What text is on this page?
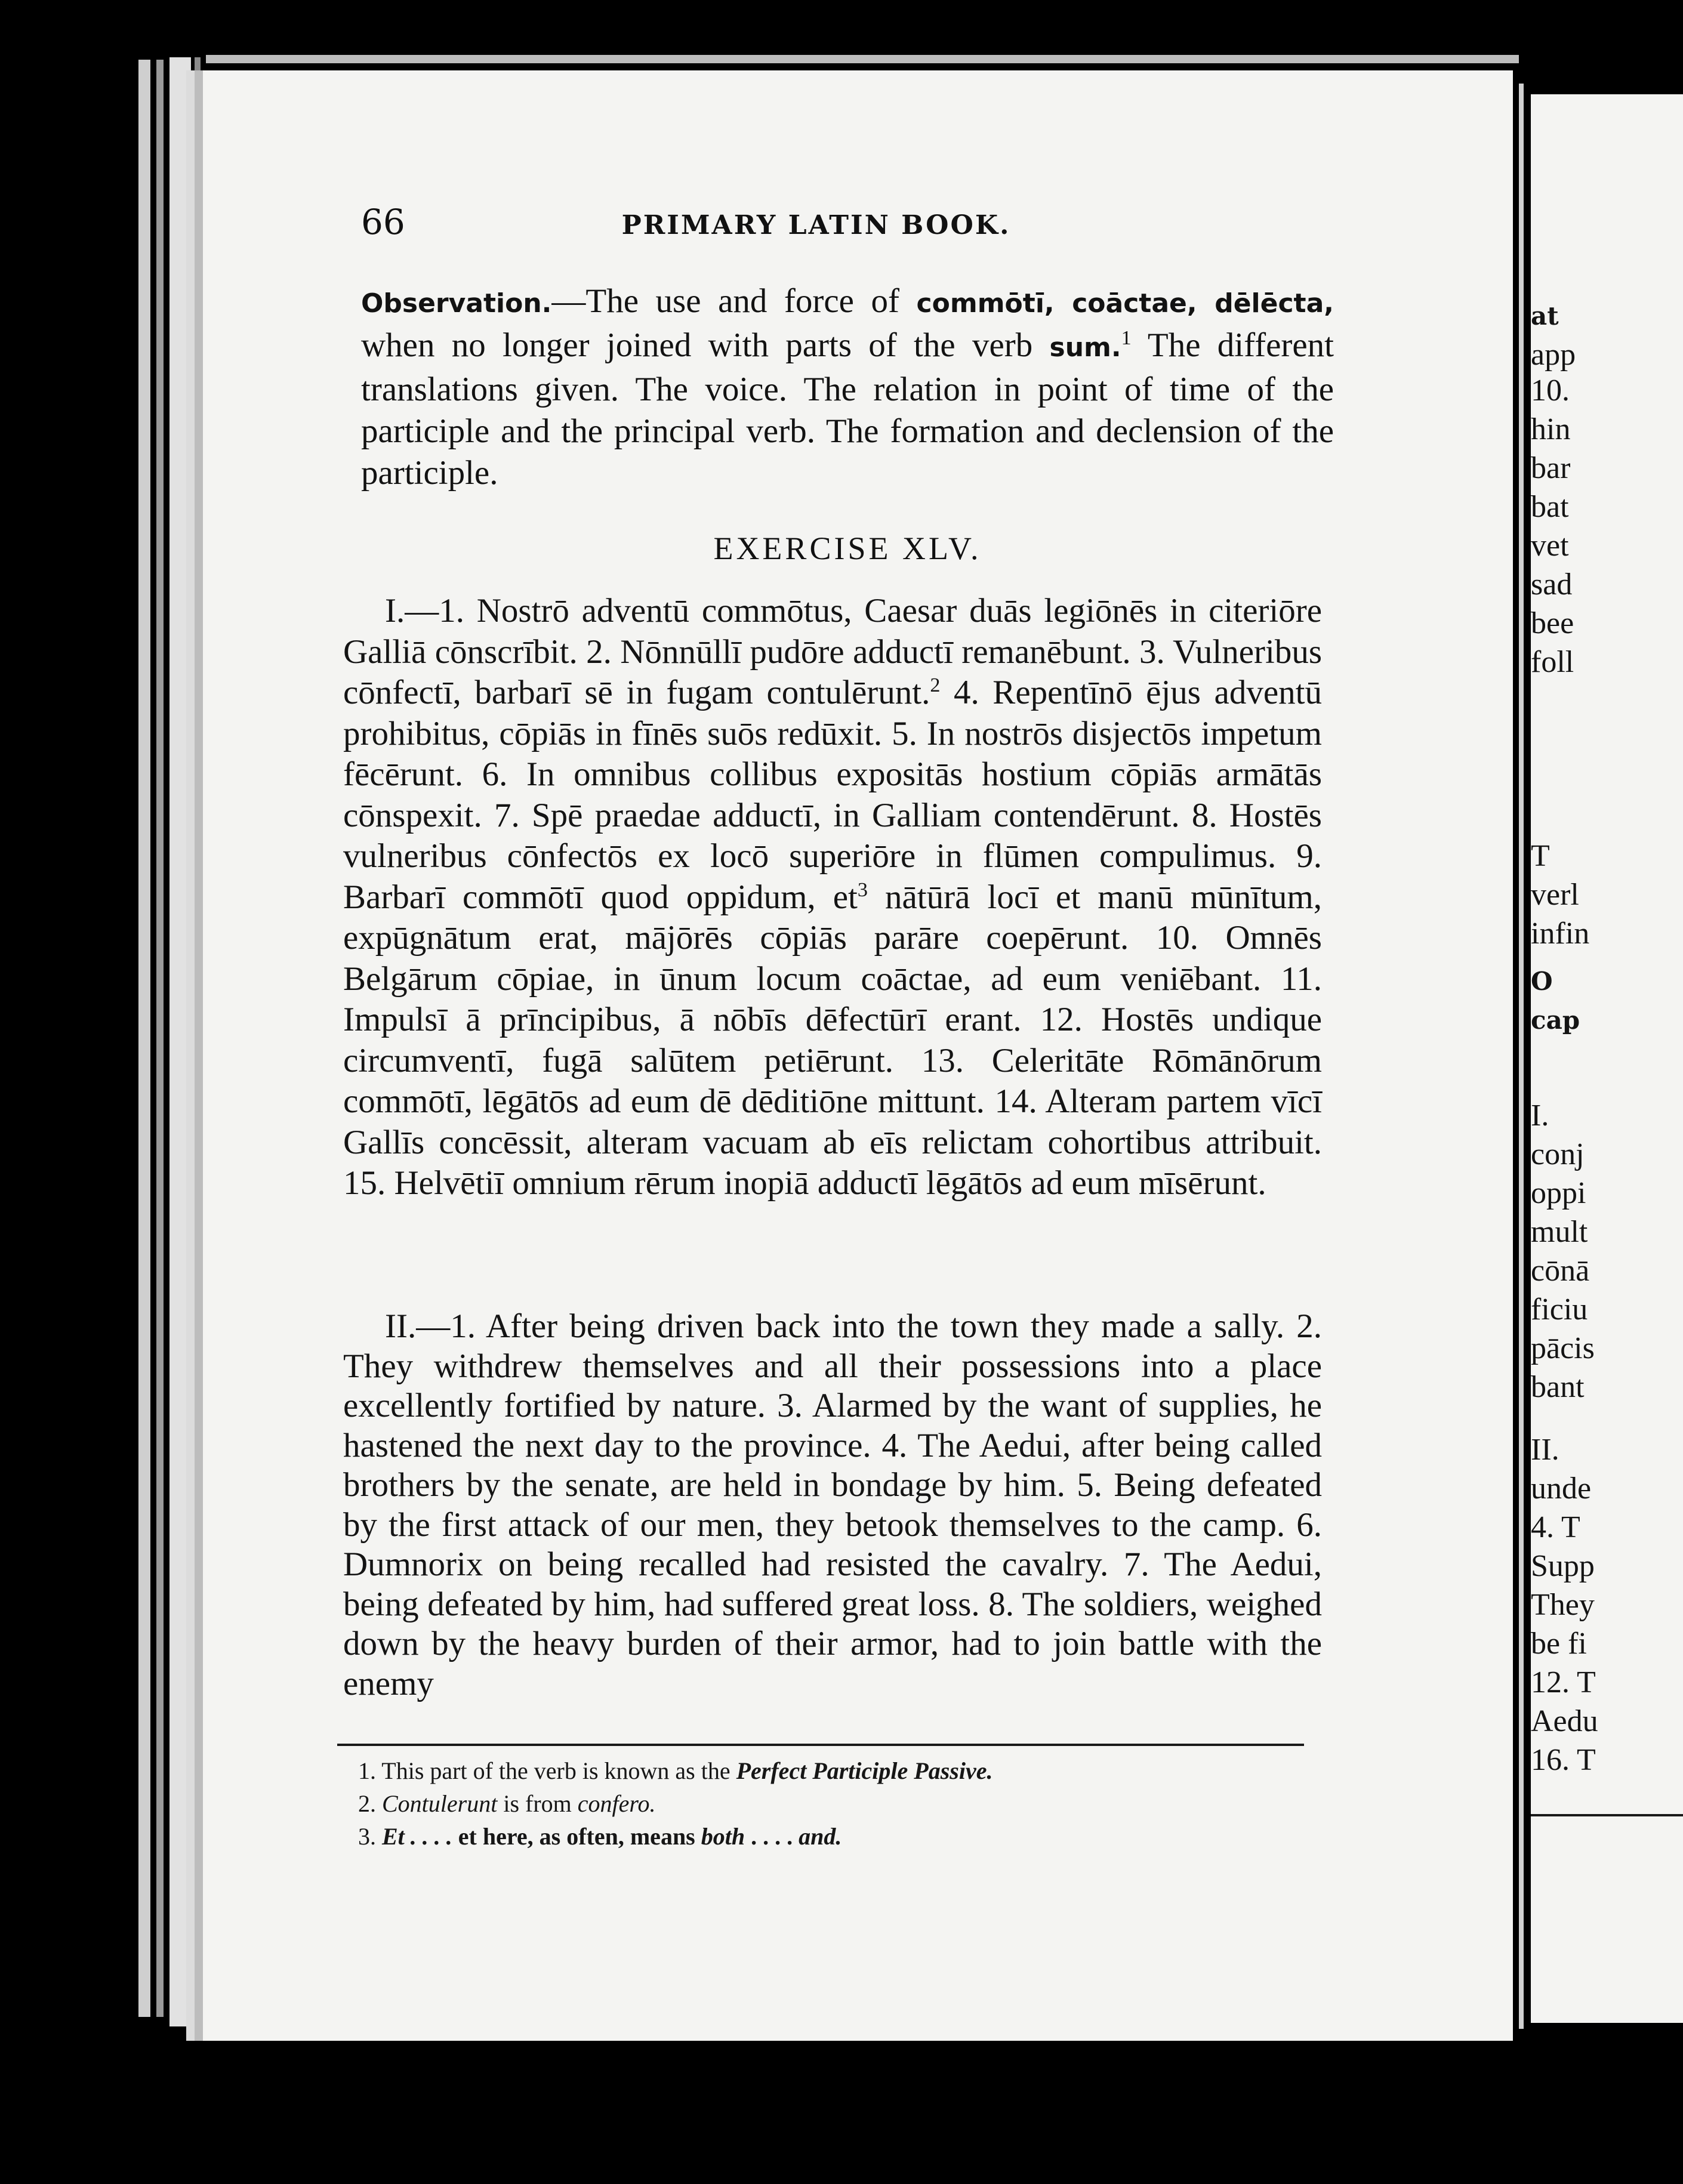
66	PRIMARY LATIN BOOK.

Observation.—The use and force of commōtī, coāctae, dēlēcta, when no longer joined with parts of the verb sum.$^1$ The different translations given. The voice. The relation in point of time of the participle and the principal verb. The formation and declension of the participle.

EXERCISE XLV.

I.—1. Nostrō adventū commōtus, Caesar duās legiōnēs in citeriōre Galliā cōnscrībit. 2. Nōnnūllī pudōre adductī remanēbunt. 3. Vulneribus cōnfectī, barbarī sē in fugam contulērunt.$^2$ 4. Repentīnō ējus adventū prohibitus, cōpiās in fīnēs suōs redūxit. 5. In nostrōs disjectōs impetum fēcērunt. 6. In omnibus collibus expositās hostium cōpiās armātās cōnspexit. 7. Spē praedae adductī, in Galliam contendērunt. 8. Hostēs vulneribus cōnfectōs ex locō superiōre in flūmen compulimus. 9. Barbarī commōtī quod oppidum, $et^3$ nātūrā locī et manū mūnītum, expūgnātum erat, mājōrēs cōpiās parāre coepērunt. 10. Omnēs Belgārum cōpiae, in ūnum locum coāctae, ad eum veniēbant. 11. Impulsī ā prīncipibus, ā nōbīs dēfectūrī erant. 12. Hostēs undique circumventī, fugā salūtem petiērunt. 13. Celeritāte Rōmānōrum commōtī, lēgātōs ad eum dē dēditiōne mittunt. 14. Alteram partem vīcī Gallīs concēssit, alteram vacuam ab eīs relictam cohortibus attribuit. 15. Helvētiī omnium rērum inopiā adductī lēgātōs ad eum mīsērunt.

II.—1. After being driven back into the town they made a sally. 2. They withdrew themselves and all their possessions into a place excellently fortified by nature. 3. Alarmed by the want of supplies, he hastened the next day to the province. 4. The Aedui, after being called brothers by the senate, are held in bondage by him. 5. Being defeated by the first attack of our men, they betook themselves to the camp. 6. Dumnorix on being recalled had resisted the cavalry. 7. The Aedui, being defeated by him, had suffered great loss. 8. The soldiers, weighed down by the heavy burden of their armor, had to join battle with the enemy

1. This part of the verb is known as the Perfect Participle Passive.

2. Contulerunt is from confero.

3. Et . . . . et here, as often, means both . . . . and.

at
app
10.
hin
bar
bat
vet
sad
bee
foll
T
verl
infin
O
cap
I.
conj
oppi
mult
cōnā
ficiu
pācis
bant
II.
unde
4. T
Supp
They
be fi
12. T
Aedu
16. T
